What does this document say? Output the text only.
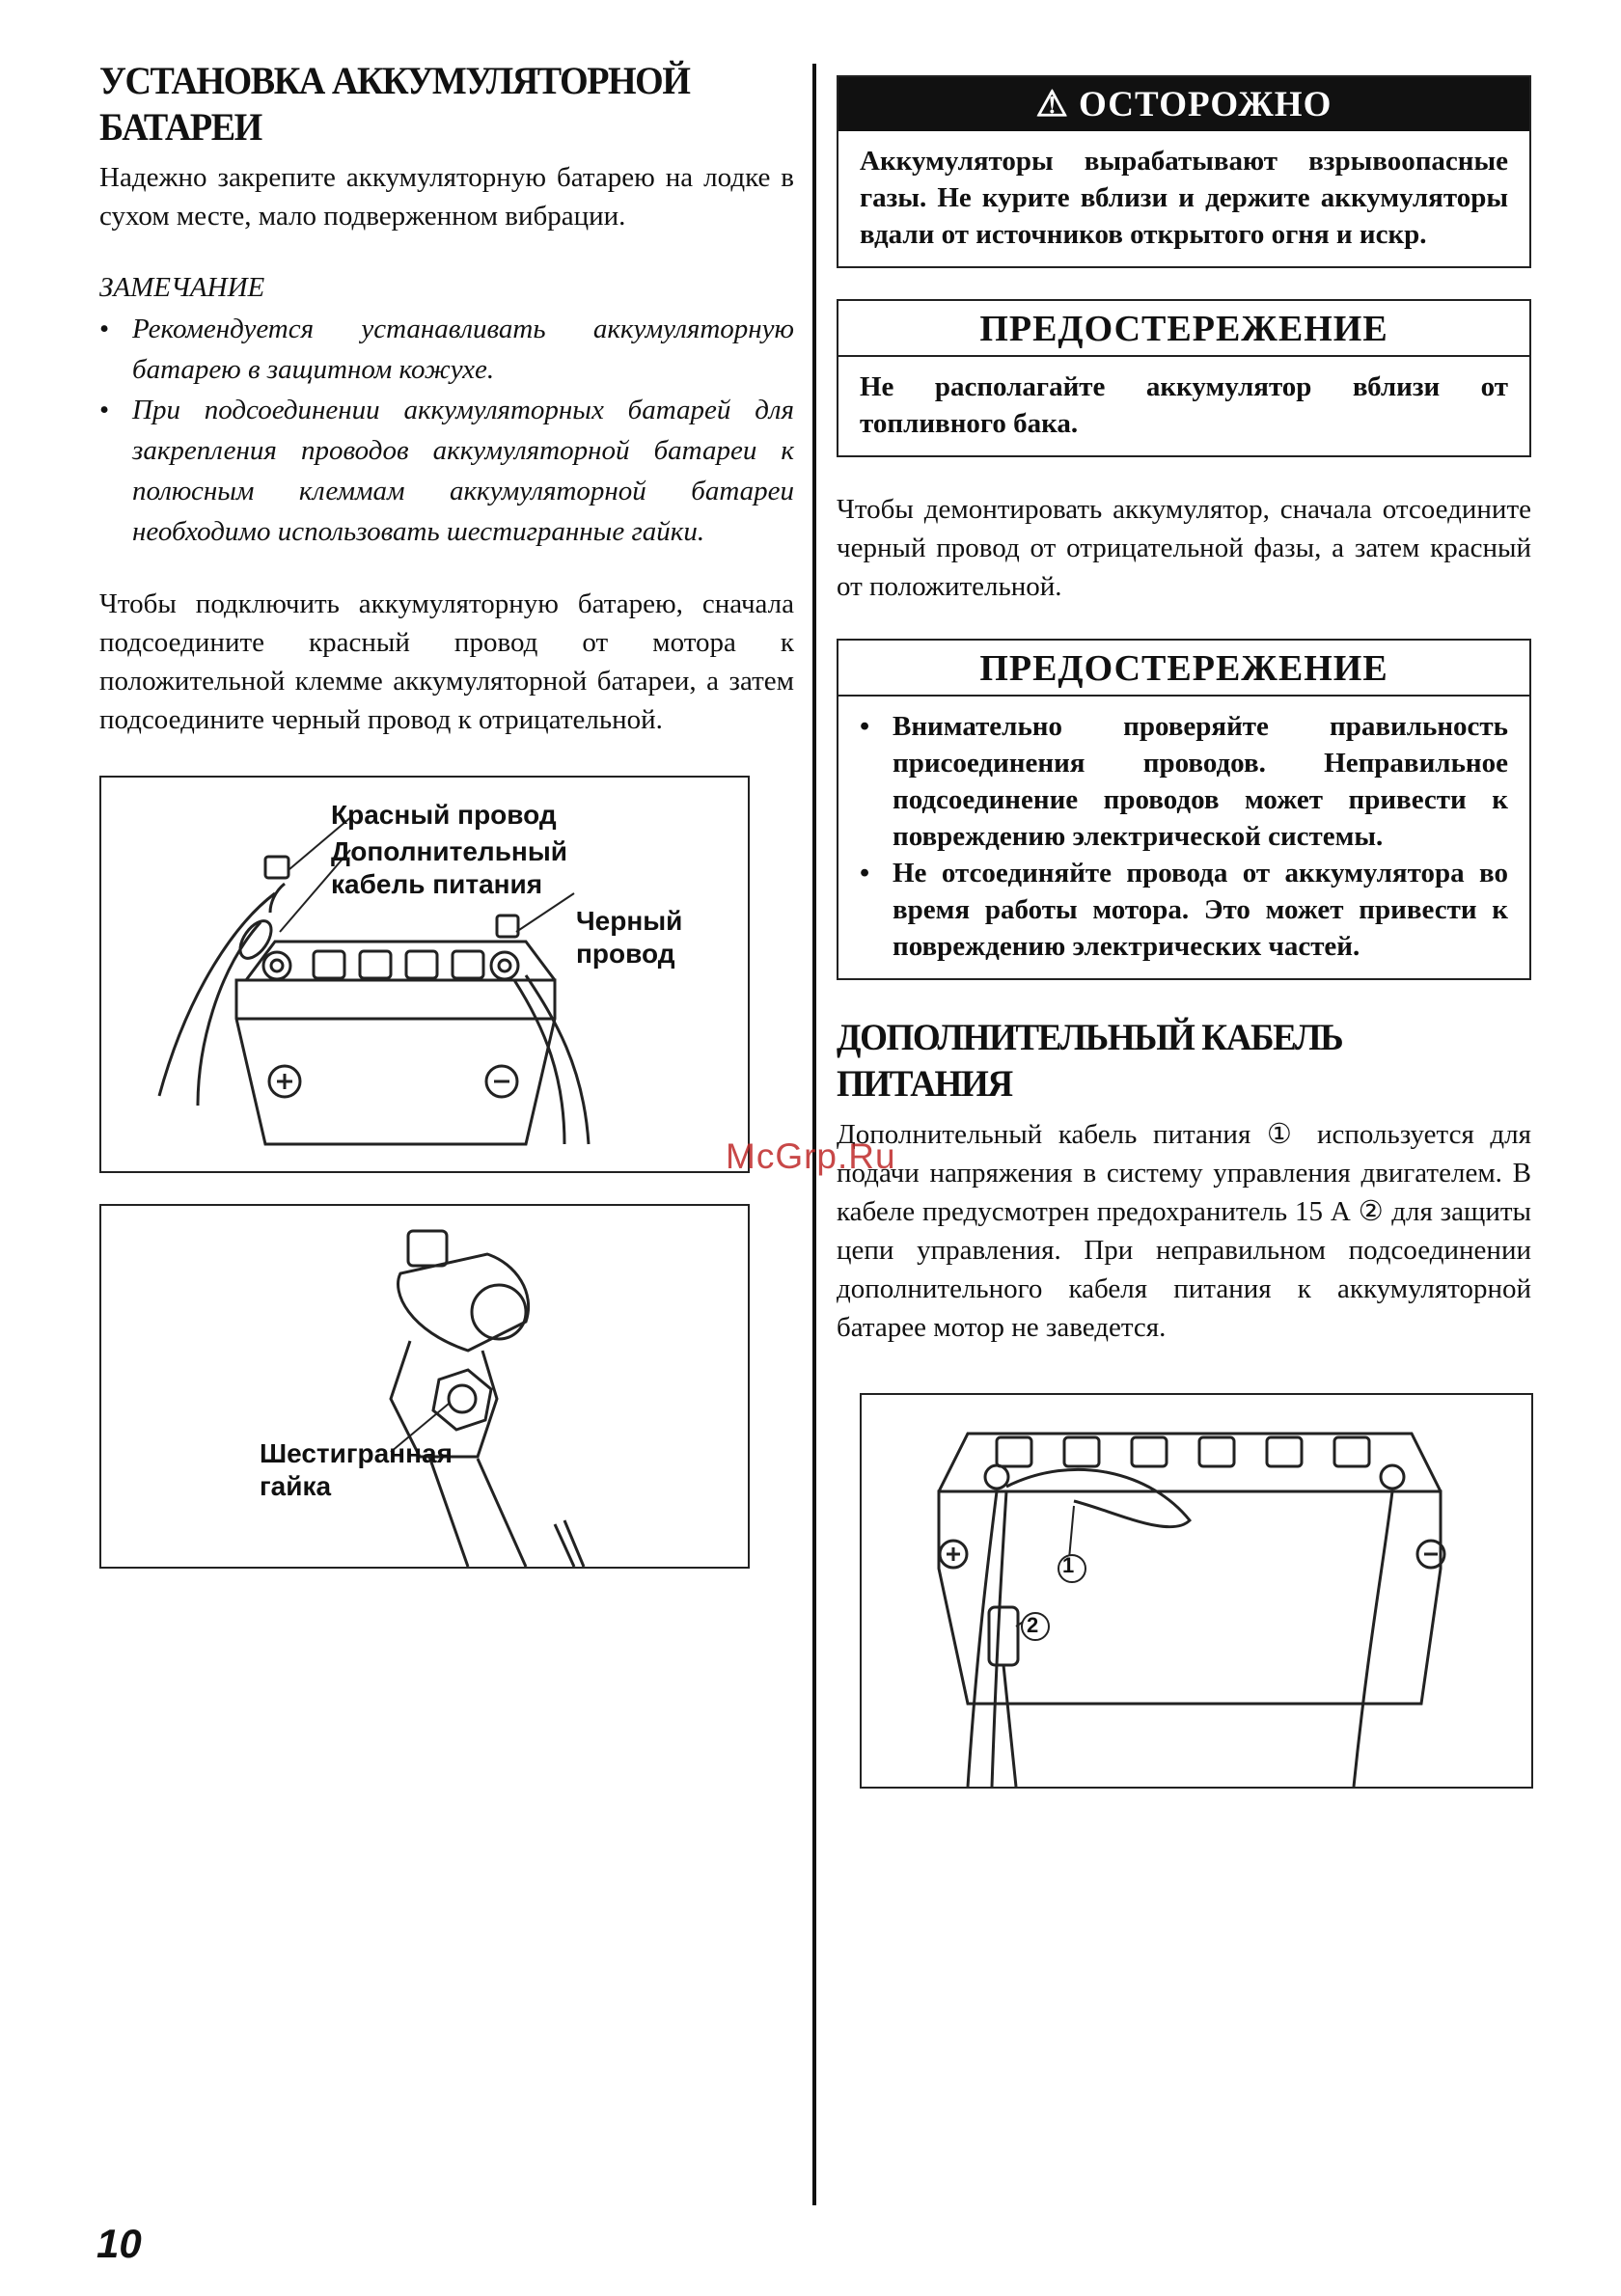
УСТАНОВКА АККУМУЛЯТОРНОЙ БАТАРЕИ

Надежно закрепите аккумуляторную батарею на лодке в сухом месте, мало подверженном вибрации.

ЗАМЕЧАНИЕ
• Рекомендуется устанавливать аккумуляторную батарею в защитном кожухе.
• При подсоединении аккумуляторных батарей для закрепления проводов аккумуляторной батареи к полюсным клеммам аккумуляторной батареи необходимо использовать шестигранные гайки.

Чтобы подключить аккумуляторную батарею, сначала подсоедините красный провод от мотора к положительной клемме аккумуляторной батареи, а затем подсоедините черный провод к отрицательной.

Красный провод
Дополнительный кабель питания
Черный провод
Шестигранная гайка
⚠ ОСТОРОЖНО
Аккумуляторы вырабатывают взрывоопасные газы. Не курите вблизи и держите аккумуляторы вдали от источников открытого огня и искр.
ПРЕДОСТЕРЕЖЕНИЕ
Не располагайте аккумулятор вблизи от топливного бака.

Чтобы демонтировать аккумулятор, сначала отсоедините черный провод от отрицательной фазы, а затем красный от положительной.

ПРЕДОСТЕРЕЖЕНИЕ
• Внимательно проверяйте правильность присоединения проводов. Неправильное подсоединение проводов может привести к повреждению электрической системы.
• Не отсоединяйте провода от аккумулятора во время работы мотора. Это может привести к повреждению электрических частей.
ДОПОЛНИТЕЛЬНЫЙ КАБЕЛЬ ПИТАНИЯ

Дополнительный кабель питания ① используется для подачи напряжения в систему управления двигателем. В кабеле предусмотрен предохранитель 15 А ② для защиты цепи управления. При неправильном подсоединении дополнительного кабеля питания к аккумуляторной батарее мотор не заведется.

1
2
McGrp.Ru
10
